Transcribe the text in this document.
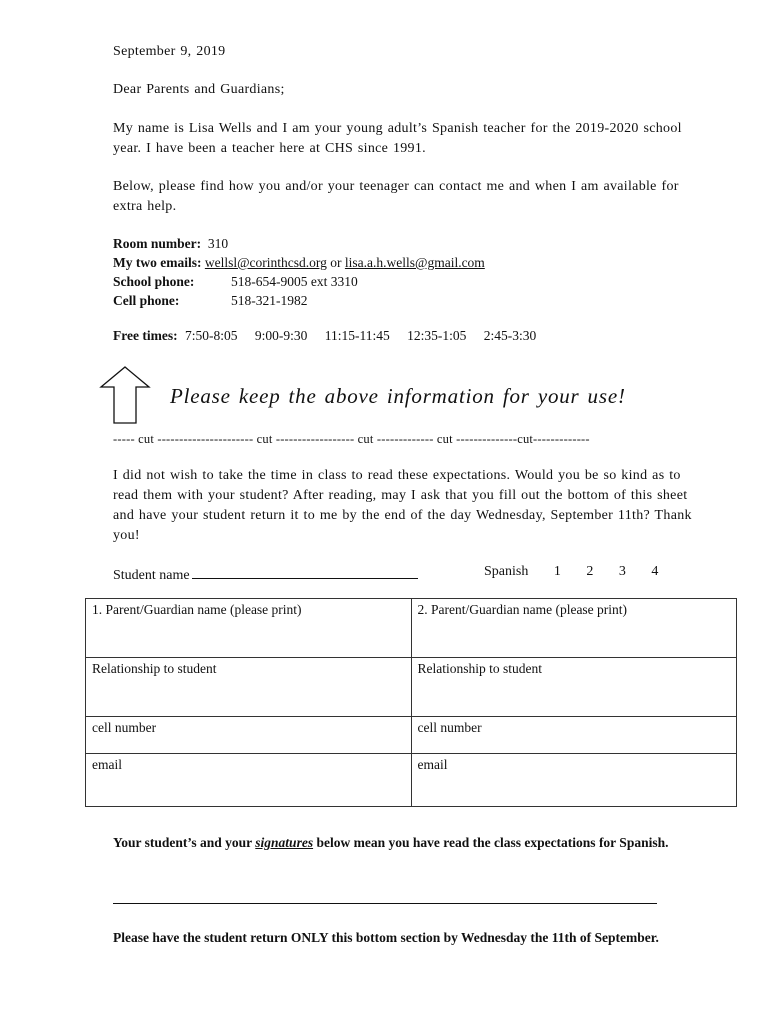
September 9, 2019

Dear Parents and Guardians;

My name is Lisa Wells and I am your young adult’s Spanish teacher for the 2019-2020 school year. I have been a teacher here at CHS since 1991.

Below, please find how you and/or your teenager can contact me and when I am available for extra help.

Room number:
310
My two emails:
wellsl@corinthcsd.org
or
lisa.a.h.wells@gmail.com
School phone:	518-654-9005 ext 3310
Cell phone:	518-321-1982
Free times: 7:50-8:05 9:00-9:30 11:15-11:45 12:35-1:05 2:45-3:30
Please keep the above information for your use!
----- cut ---------------------- cut ------------------ cut ------------- cut --------------cut-------------

I did not wish to take the time in class to read these expectations. Would you be so kind as to read them with your student? After reading, may I ask that you fill out the bottom of this sheet and have your student return it to me by the end of the day Wednesday, September 11th? Thank you!

Student name	Spanish 1 2 3 4
1. Parent/Guardian name (please print)	2. Parent/Guardian name (please print)
Relationship to student	Relationship to student
cell number	cell number
email	email

Your student’s and your signatures below mean you have read the class expectations for Spanish.

Please have the student return ONLY this bottom section by Wednesday the 11th of September.
